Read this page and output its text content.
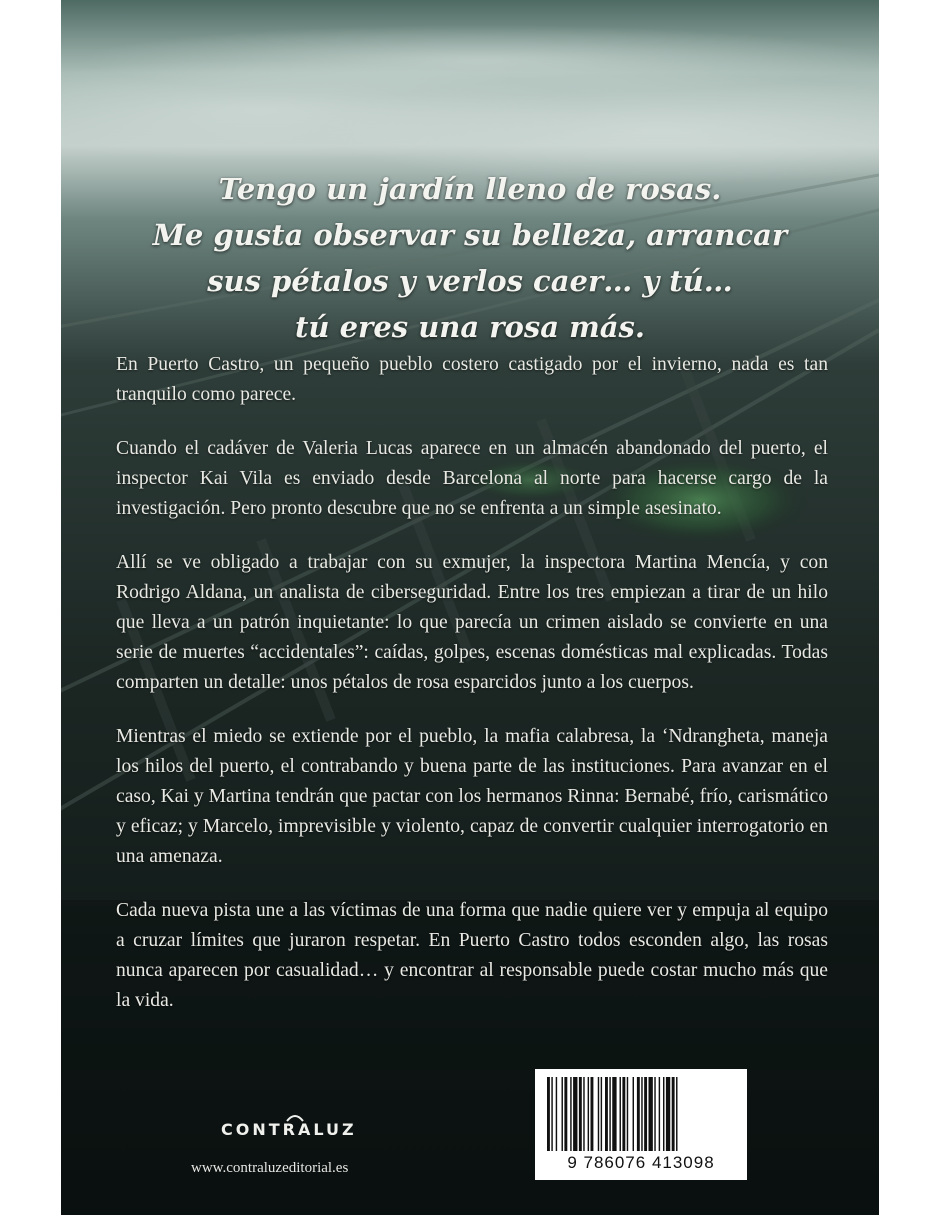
Tengo un jardín lleno de rosas.
Me gusta observar su belleza, arrancar
sus pétalos y verlos caer… y tú…
tú eres una rosa más.

En Puerto Castro, un pequeño pueblo costero castigado por el invierno, nada es tan tranquilo como parece.

Cuando el cadáver de Valeria Lucas aparece en un almacén abandonado del puerto, el inspector Kai Vila es enviado desde Barcelona al norte para hacerse cargo de la investigación. Pero pronto descubre que no se enfrenta a un simple asesinato.

Allí se ve obligado a trabajar con su exmujer, la inspectora Martina Mencía, y con Rodrigo Aldana, un analista de ciberseguridad. Entre los tres empiezan a tirar de un hilo que lleva a un patrón inquietante: lo que parecía un crimen aislado se convierte en una serie de muertes “accidentales”: caídas, golpes, escenas domésticas mal explicadas. Todas comparten un detalle: unos pétalos de rosa esparcidos junto a los cuerpos.

Mientras el miedo se extiende por el pueblo, la mafia calabresa, la ‘Ndrangheta, maneja los hilos del puerto, el contrabando y buena parte de las instituciones. Para avanzar en el caso, Kai y Martina tendrán que pactar con los hermanos Rinna: Bernabé, frío, carismático y eficaz; y Marcelo, imprevisible y violento, capaz de convertir cualquier interrogatorio en una amenaza.

Cada nueva pista une a las víctimas de una forma que nadie quiere ver y empuja al equipo a cruzar límites que juraron respetar. En Puerto Castro todos esconden algo, las rosas nunca aparecen por casualidad… y encontrar al responsable puede costar mucho más que la vida.

CONTRALUZ
www.contraluzeditorial.es	9 786076 413098
